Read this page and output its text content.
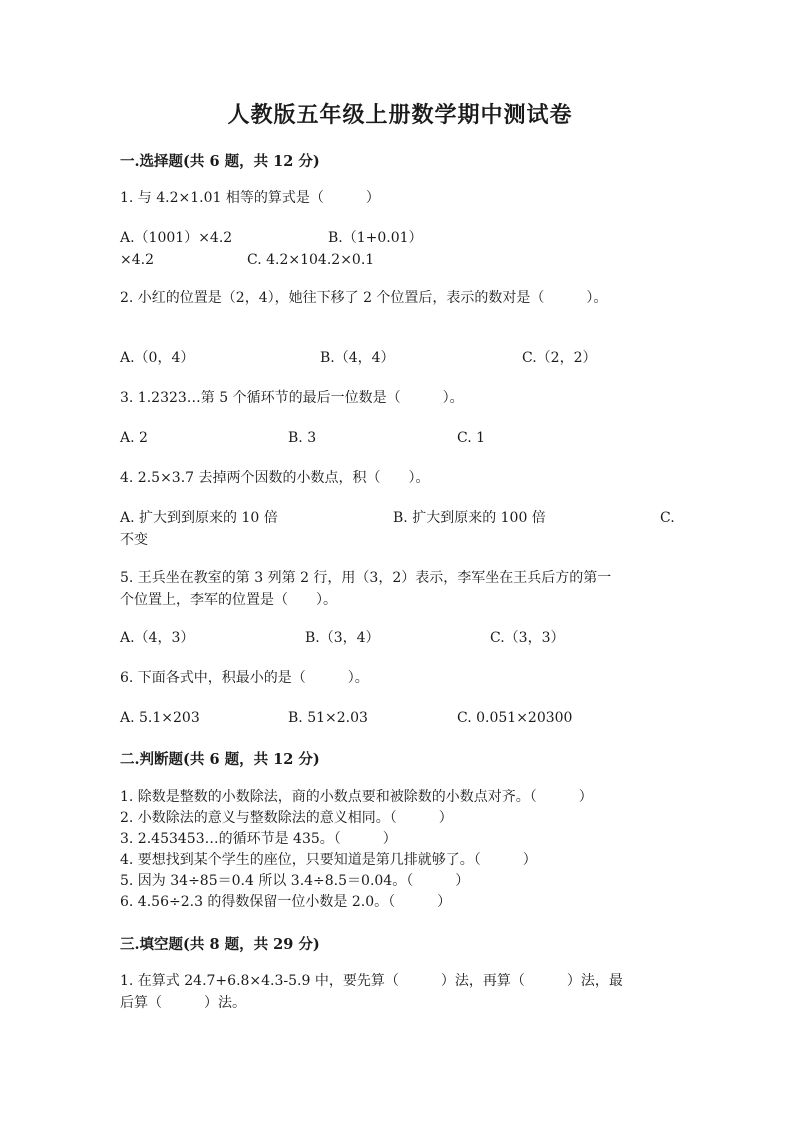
人教版五年级上册数学期中测试卷
一.选择题(共 6 题，共 12 分)
1. 与 4.2×1.01 相等的算式是（　　　）
A.（1001）×4.2	B.（1+0.01）
×4.2	C. 4.2×104.2×0.1
2. 小红的位置是（2，4），她往下移了 2 个位置后，表示的数对是（　　　）。
A.（0，4）	B.（4，4）	C.（2，2）
3. 1.2323…第 5 个循环节的最后一位数是（　　　）。
A. 2	B. 3	C. 1
4. 2.5×3.7 去掉两个因数的小数点，积（　　）。
A. 扩大到到原来的 10 倍	B. 扩大到原来的 100 倍	C.
不变
5. 王兵坐在教室的第 3 列第 2 行，用（3，2）表示，李军坐在王兵后方的第一
个位置上，李军的位置是（　　）。
A.（4，3）	B.（3，4）	C.（3，3）
6. 下面各式中，积最小的是（　　　）。
A. 5.1×203	B. 51×2.03	C. 0.051×20300
二.判断题(共 6 题，共 12 分)
1. 除数是整数的小数除法，商的小数点要和被除数的小数点对齐。（　　　）
2. 小数除法的意义与整数除法的意义相同。（　　　）
3. 2.453453…的循环节是 435。（　　　）
4. 要想找到某个学生的座位，只要知道是第几排就够了。（　　　）
5. 因为 34÷85＝0.4 所以 3.4÷8.5＝0.04。（　　　）
6. 4.56÷2.3 的得数保留一位小数是 2.0。（　　　）
三.填空题(共 8 题，共 29 分)
1. 在算式 24.7+6.8×4.3-5.9 中，要先算（　　　）法，再算（　　　）法，最
后算（　　　）法。
